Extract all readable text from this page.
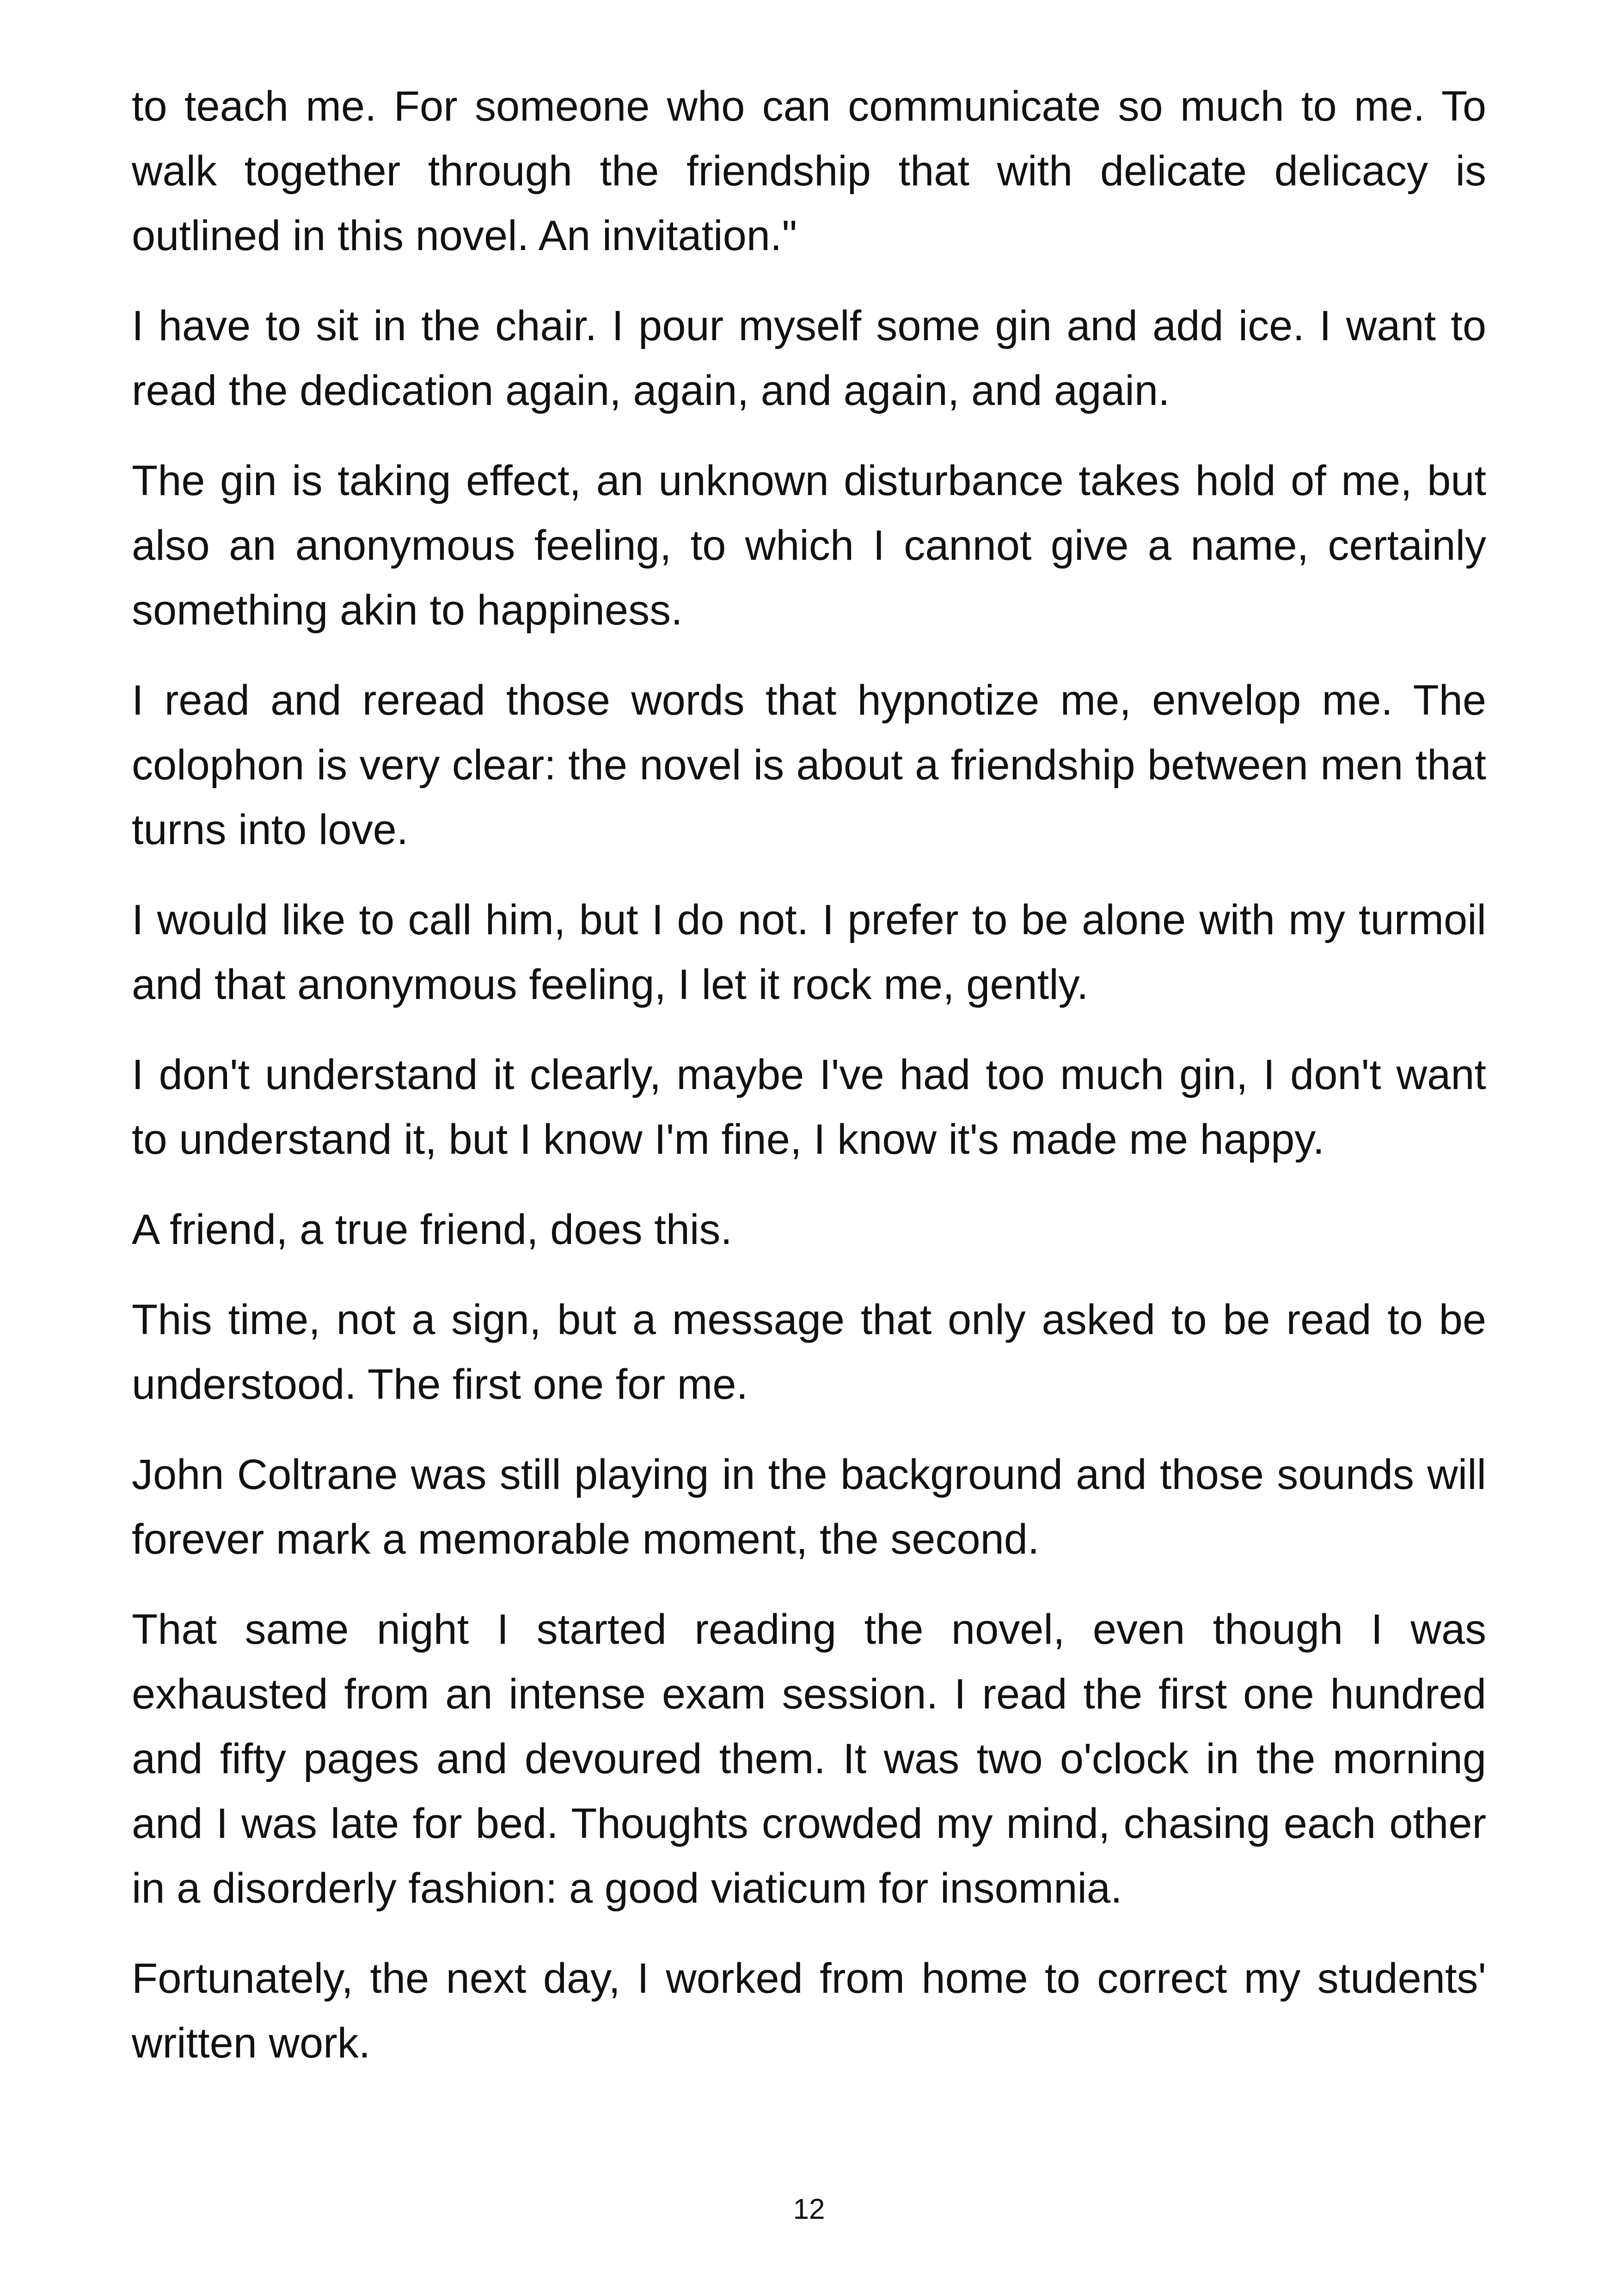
to teach me. For someone who can communicate so much to me. To walk together through the friendship that with delicate delicacy is outlined in this novel. An invitation."

I have to sit in the chair. I pour myself some gin and add ice. I want to read the dedication again, again, and again, and again.

The gin is taking effect, an unknown disturbance takes hold of me, but also an anonymous feeling, to which I cannot give a name, certainly something akin to happiness.

I read and reread those words that hypnotize me, envelop me. The colophon is very clear: the novel is about a friendship between men that turns into love.

I would like to call him, but I do not. I prefer to be alone with my turmoil and that anonymous feeling, I let it rock me, gently.

I don't understand it clearly, maybe I've had too much gin, I don't want to understand it, but I know I'm fine, I know it's made me happy.

A friend, a true friend, does this.

This time, not a sign, but a message that only asked to be read to be understood. The first one for me.

John Coltrane was still playing in the background and those sounds will forever mark a memorable moment, the second.

That same night I started reading the novel, even though I was exhausted from an intense exam session. I read the first one hundred and fifty pages and devoured them. It was two o'clock in the morning and I was late for bed. Thoughts crowded my mind, chasing each other in a disorderly fashion: a good viaticum for insomnia.

Fortunately, the next day, I worked from home to correct my students' written work.

12
